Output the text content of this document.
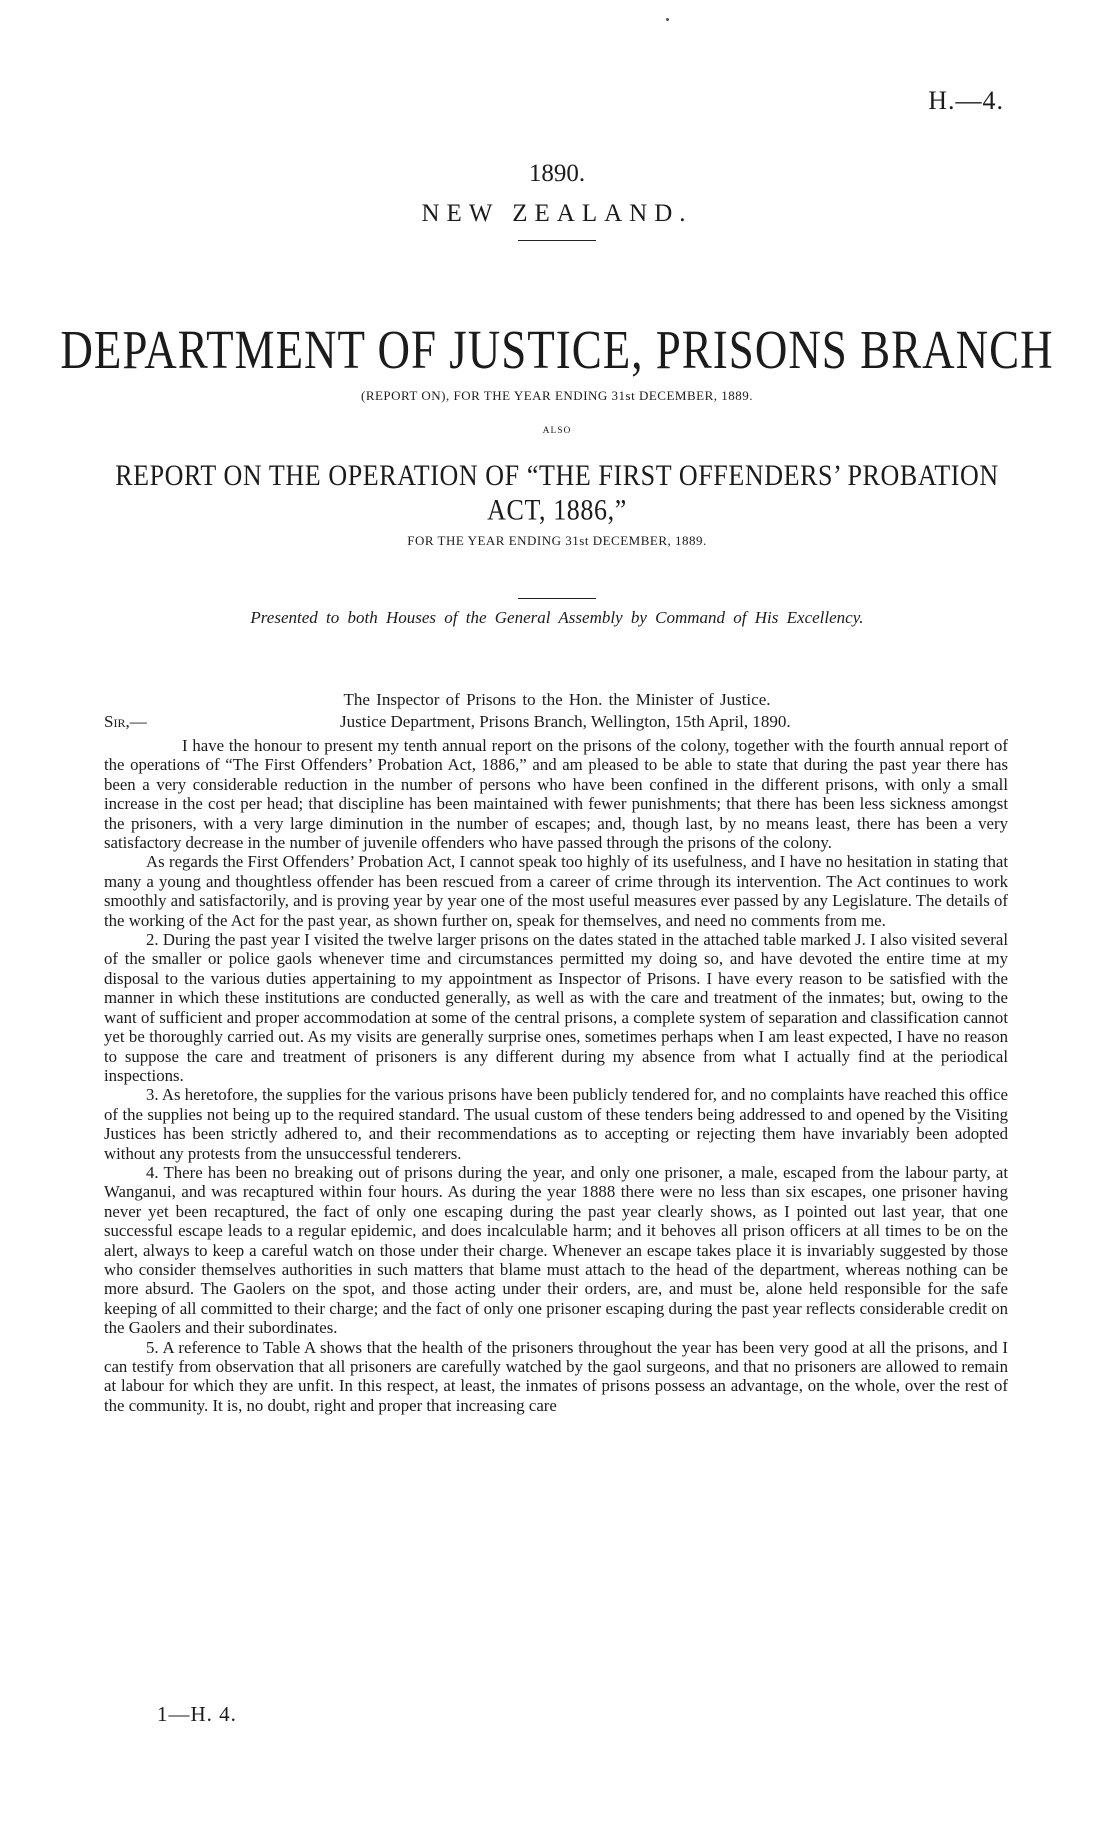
H.—4.
1890.
NEW ZEALAND.
DEPARTMENT OF JUSTICE, PRISONS BRANCH
(REPORT ON), FOR THE YEAR ENDING 31st DECEMBER, 1889.
ALSO
REPORT ON THE OPERATION OF “THE FIRST OFFENDERS’ PROBATION ACT, 1886,”
FOR THE YEAR ENDING 31st DECEMBER, 1889.
Presented to both Houses of the General Assembly by Command of His Excellency.
The Inspector of Prisons to the Hon. the Minister of Justice.
Sir,—	Justice Department, Prisons Branch, Wellington, 15th April, 1890.

I have the honour to present my tenth annual report on the prisons of the colony, together with the fourth annual report of the operations of “The First Offenders’ Probation Act, 1886,” and am pleased to be able to state that during the past year there has been a very considerable reduction in the number of persons who have been confined in the different prisons, with only a small increase in the cost per head; that discipline has been maintained with fewer punishments; that there has been less sickness amongst the prisoners, with a very large diminution in the number of escapes; and, though last, by no means least, there has been a very satisfactory decrease in the number of juvenile offenders who have passed through the prisons of the colony.

As regards the First Offenders’ Probation Act, I cannot speak too highly of its usefulness, and I have no hesitation in stating that many a young and thoughtless offender has been rescued from a career of crime through its intervention. The Act continues to work smoothly and satisfactorily, and is proving year by year one of the most useful measures ever passed by any Legislature. The details of the working of the Act for the past year, as shown further on, speak for themselves, and need no comments from me.

2. During the past year I visited the twelve larger prisons on the dates stated in the attached table marked J. I also visited several of the smaller or police gaols whenever time and circumstances permitted my doing so, and have devoted the entire time at my disposal to the various duties appertaining to my appointment as Inspector of Prisons. I have every reason to be satisfied with the manner in which these institutions are conducted generally, as well as with the care and treatment of the inmates; but, owing to the want of sufficient and proper accommodation at some of the central prisons, a complete system of separation and classification cannot yet be thoroughly carried out. As my visits are generally surprise ones, sometimes perhaps when I am least expected, I have no reason to suppose the care and treatment of prisoners is any different during my absence from what I actually find at the periodical inspections.

3. As heretofore, the supplies for the various prisons have been publicly tendered for, and no complaints have reached this office of the supplies not being up to the required standard. The usual custom of these tenders being addressed to and opened by the Visiting Justices has been strictly adhered to, and their recommendations as to accepting or rejecting them have invariably been adopted without any protests from the unsuccessful tenderers.

4. There has been no breaking out of prisons during the year, and only one prisoner, a male, escaped from the labour party, at Wanganui, and was recaptured within four hours. As during the year 1888 there were no less than six escapes, one prisoner having never yet been recaptured, the fact of only one escaping during the past year clearly shows, as I pointed out last year, that one successful escape leads to a regular epidemic, and does incalculable harm; and it behoves all prison officers at all times to be on the alert, always to keep a careful watch on those under their charge. Whenever an escape takes place it is invariably suggested by those who consider themselves authorities in such matters that blame must attach to the head of the department, whereas nothing can be more absurd. The Gaolers on the spot, and those acting under their orders, are, and must be, alone held responsible for the safe keeping of all committed to their charge; and the fact of only one prisoner escaping during the past year reflects considerable credit on the Gaolers and their subordinates.

5. A reference to Table A shows that the health of the prisoners throughout the year has been very good at all the prisons, and I can testify from observation that all prisoners are carefully watched by the gaol surgeons, and that no prisoners are allowed to remain at labour for which they are unfit. In this respect, at least, the inmates of prisons possess an advantage, on the whole, over the rest of the community. It is, no doubt, right and proper that increasing care

1—H. 4.
